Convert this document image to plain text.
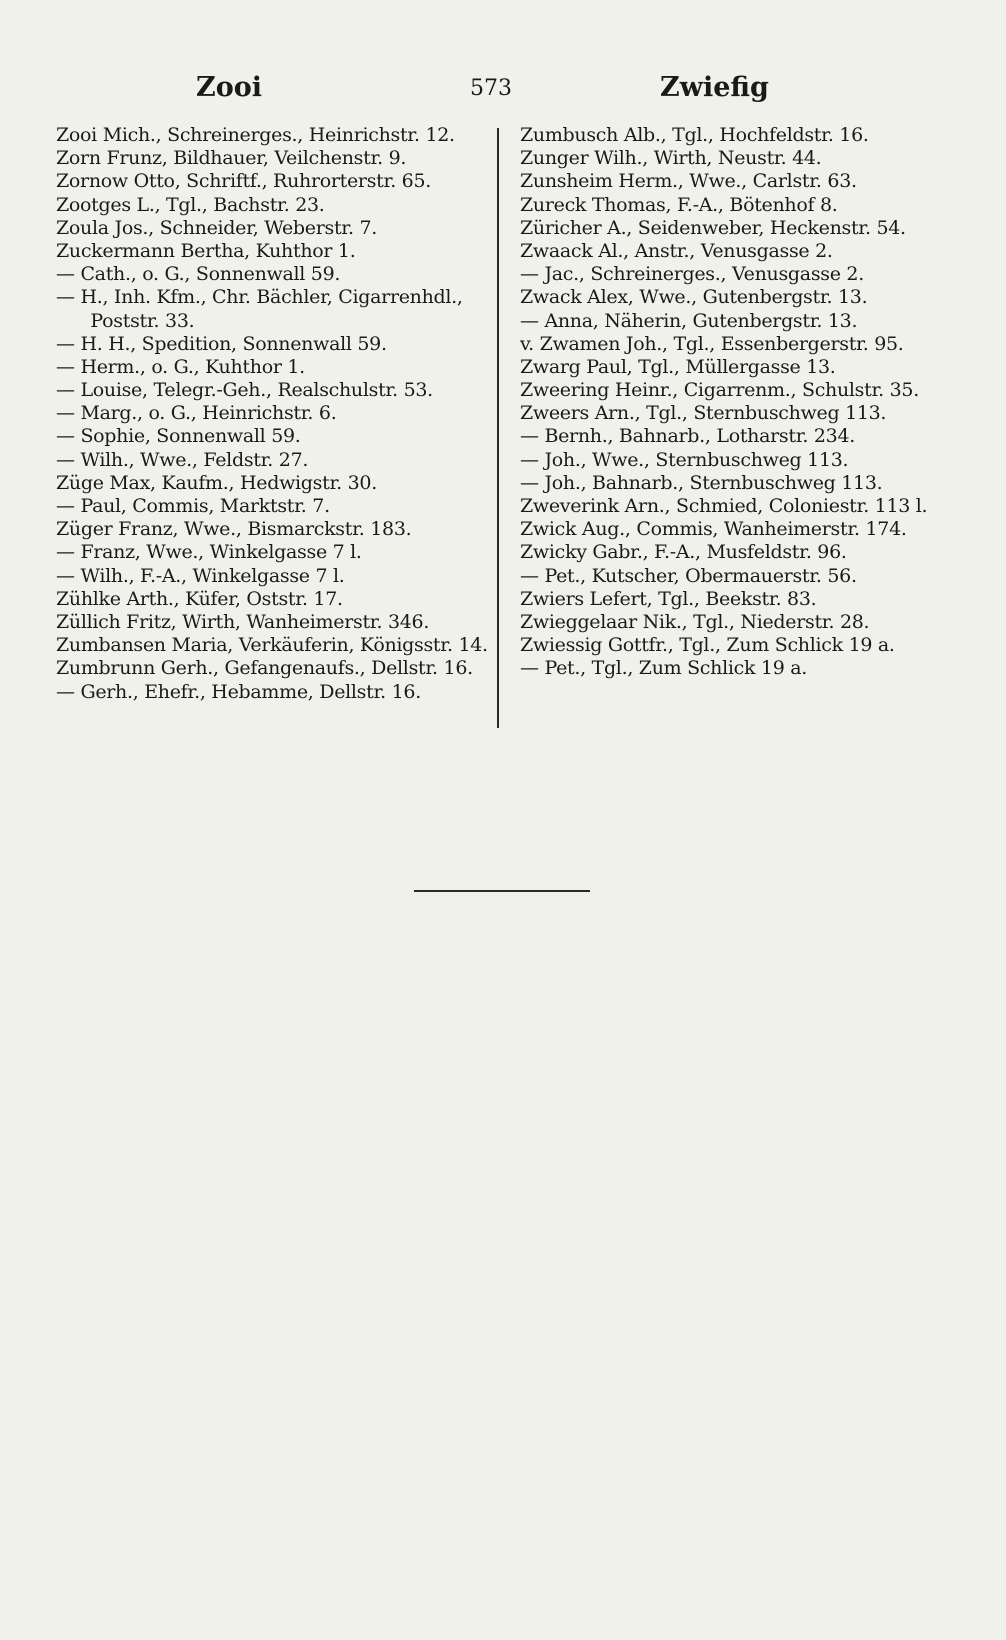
Zooi	573	Zwiefig
Zooi Mich., Schreinerges., Heinrichstr. 12.
Zorn Frunz, Bildhauer, Veilchenstr. 9.
Zornow Otto, Schriftf., Ruhrorterstr. 65.
Zootges L., Tgl., Bachstr. 23.
Zoula Jos., Schneider, Weberstr. 7.
Zuckermann Bertha, Kuhthor 1.
— Cath., o. G., Sonnenwall 59.
— H., Inh. Kfm., Chr. Bächler, Cigarrenhdl.,
Poststr. 33.
— H. H., Spedition, Sonnenwall 59.
— Herm., o. G., Kuhthor 1.
— Louise, Telegr.-Geh., Realschulstr. 53.
— Marg., o. G., Heinrichstr. 6.
— Sophie, Sonnenwall 59.
— Wilh., Wwe., Feldstr. 27.
Züge Max, Kaufm., Hedwigstr. 30.
— Paul, Commis, Marktstr. 7.
Züger Franz, Wwe., Bismarckstr. 183.
— Franz, Wwe., Winkelgasse 7 l.
— Wilh., F.-A., Winkelgasse 7 l.
Zühlke Arth., Küfer, Oststr. 17.
Züllich Fritz, Wirth, Wanheimerstr. 346.
Zumbansen Maria, Verkäuferin, Königsstr. 14.
Zumbrunn Gerh., Gefangenaufs., Dellstr. 16.
— Gerh., Ehefr., Hebamme, Dellstr. 16.
Zumbusch Alb., Tgl., Hochfeldstr. 16.
Zunger Wilh., Wirth, Neustr. 44.
Zunsheim Herm., Wwe., Carlstr. 63.
Zureck Thomas, F.-A., Bötenhof 8.
Züricher A., Seidenweber, Heckenstr. 54.
Zwaack Al., Anstr., Venusgasse 2.
— Jac., Schreinerges., Venusgasse 2.
Zwack Alex, Wwe., Gutenbergstr. 13.
— Anna, Näherin, Gutenbergstr. 13.
v. Zwamen Joh., Tgl., Essenbergerstr. 95.
Zwarg Paul, Tgl., Müllergasse 13.
Zweering Heinr., Cigarrenm., Schulstr. 35.
Zweers Arn., Tgl., Sternbuschweg 113.
— Bernh., Bahnarb., Lotharstr. 234.
— Joh., Wwe., Sternbuschweg 113.
— Joh., Bahnarb., Sternbuschweg 113.
Zweverink Arn., Schmied, Coloniestr. 113 l.
Zwick Aug., Commis, Wanheimerstr. 174.
Zwicky Gabr., F.-A., Musfeldstr. 96.
— Pet., Kutscher, Obermauerstr. 56.
Zwiers Lefert, Tgl., Beekstr. 83.
Zwieggelaar Nik., Tgl., Niederstr. 28.
Zwiessig Gottfr., Tgl., Zum Schlick 19 a.
— Pet., Tgl., Zum Schlick 19 a.
